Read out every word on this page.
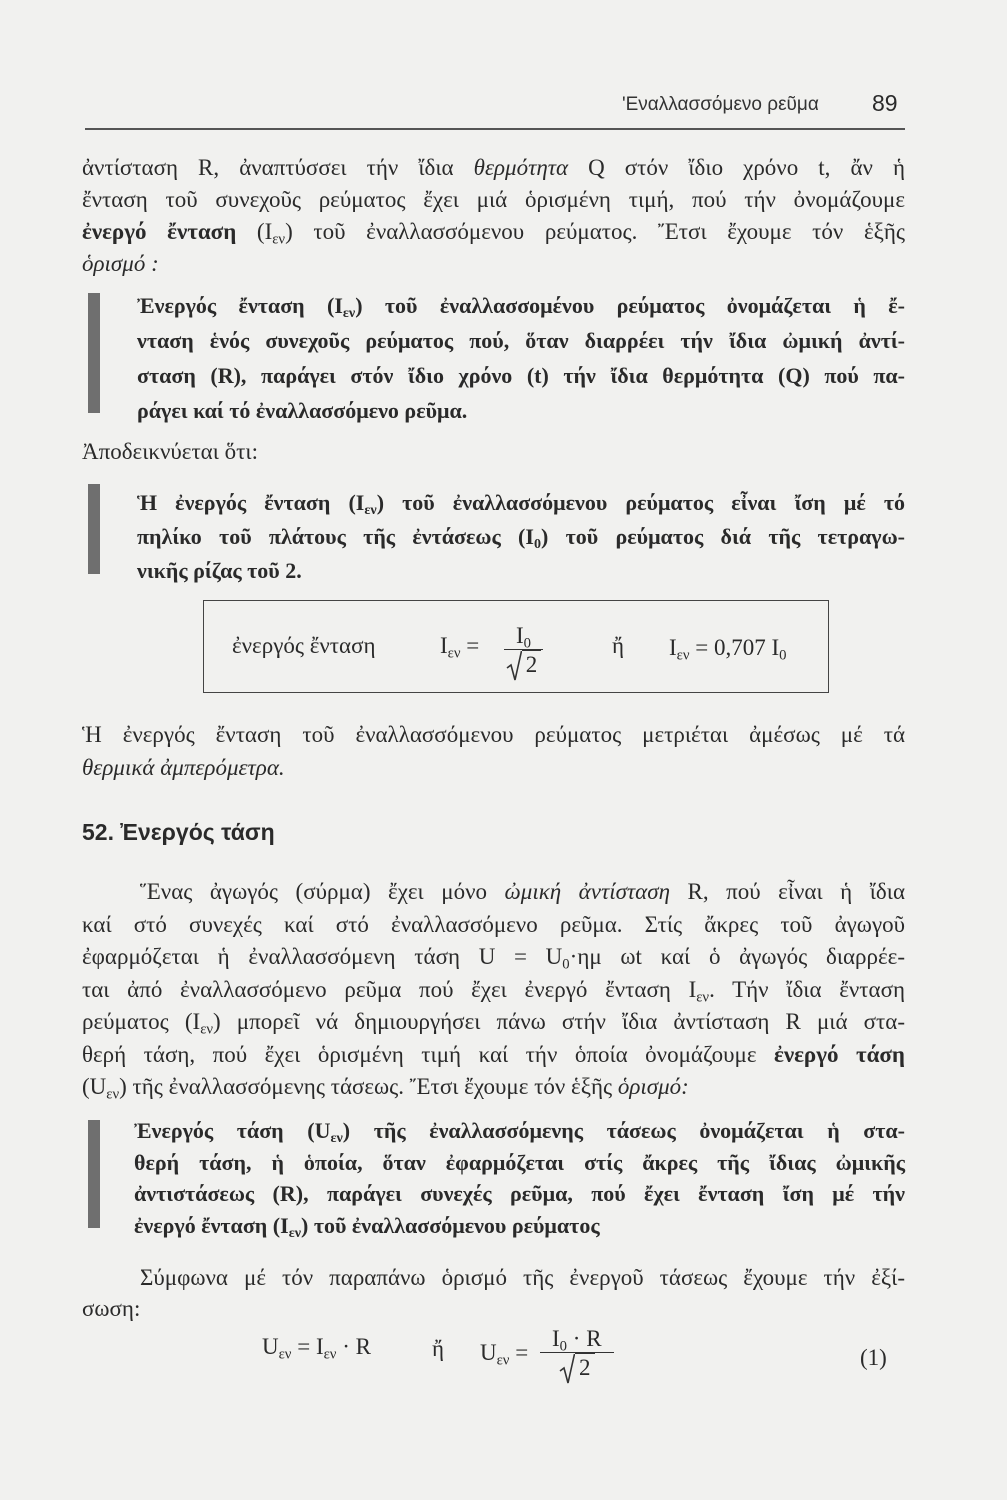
'Εναλλασσόμενο ρεῦμα 89
ἀντίσταση R, ἀναπτύσσει τήν ἴδια θερμότητα Q στόν ἴδιο χρόνο t, ἄν ἡ
ἔνταση τοῦ συνεχοῦς ρεύματος ἔχει μιά ὁρισμένη τιμή, πού τήν ὀνομάζουμε
ἐνεργό ἔνταση $(I_{\varepsilon\nu})$ τοῦ ἐναλλασσόμενου ρεύματος. Ἔτσι ἔχουμε τόν ἑξῆς
ὁρισμό :
Ἐνεργός ἔνταση $(I_{\varepsilon\nu})$ τοῦ ἐναλλασσομένου ρεύματος ὀνομάζεται ἡ ἔ-
νταση ἑνός συνεχοῦς ρεύματος πού, ὅταν διαρρέει τήν ἴδια ὠμική ἀντί-
σταση (R), παράγει στόν ἴδιο χρόνο (t) τήν ἴδια θερμότητα (Q) πού πα-
ράγει καί τό ἐναλλασσόμενο ρεῦμα.
Ἀποδεικνύεται ὅτι:
Ἡ ἐνεργός ἔνταση $(I_{\varepsilon\nu})$ τοῦ ἐναλλασσόμενου ρεύματος εἶναι ἴση μέ τό
πηλίκο τοῦ πλάτους τῆς ἐντάσεως $(I_0)$ τοῦ ρεύματος διά τῆς τετραγω-
νικῆς ρίζας τοῦ 2.
ἐνεργός ἔνταση	$I_{\varepsilon\nu} = \frac{I_0}{2}$	ἤ $I_{\varepsilon\nu} = 0,707$ $I_0$
Ἡ ἐνεργός ἔνταση τοῦ ἐναλλασσόμενου ρεύματος μετριέται ἀμέσως μέ τά
θερμικά ἀμπερόμετρα.
52. Ἐνεργός τάση
Ἕνας ἀγωγός (σύρμα) ἔχει μόνο ὠμική ἀντίσταση R, πού εἶναι ἡ ἴδια
καί στό συνεχές καί στό ἐναλλασσόμενο ρεῦμα. Στίς ἄκρες τοῦ ἀγωγοῦ
ἐφαρμόζεται ἡ ἐναλλασσόμενη τάση $U = U_0\cdot\eta\mu$ ωt καί ὁ ἀγωγός διαρρέε-
ται ἀπό ἐναλλασσόμενο ρεῦμα πού ἔχει ἐνεργό ἔνταση $I_{\varepsilon\nu}$. Τήν ἴδια ἔνταση
ρεύματος $(I_{\varepsilon\nu})$ μπορεῖ νά δημιουργήσει πάνω στήν ἴδια ἀντίσταση R μιά στα-
θερή τάση, πού ἔχει ὁρισμένη τιμή καί τήν ὁποία ὀνομάζουμε ἐνεργό τάση
$(U_{\varepsilon\nu})$ τῆς ἐναλλασσόμενης τάσεως. Ἔτσι ἔχουμε τόν ἑξῆς ὁρισμό:
Ἐνεργός τάση $(U_{\varepsilon\nu})$ τῆς ἐναλλασσόμενης τάσεως ὀνομάζεται ἡ στα-
θερή τάση, ἡ ὁποία, ὅταν ἐφαρμόζεται στίς ἄκρες τῆς ἴδιας ὠμικῆς
ἀντιστάσεως (R), παράγει συνεχές ρεῦμα, πού ἔχει ἔνταση ἴση μέ τήν
ἐνεργό ἔνταση $(I_{\varepsilon\nu})$ τοῦ ἐναλλασσόμενου ρεύματος
Σύμφωνα μέ τόν παραπάνω ὁρισμό τῆς ἐνεργοῦ τάσεως ἔχουμε τήν ἐξί-
σωση:
$U_{\varepsilon\nu} = I_{\varepsilon\nu} \cdot R$	ἤ $U_{\varepsilon\nu} = \frac{I_0 \cdot R}{2}$	(1)
